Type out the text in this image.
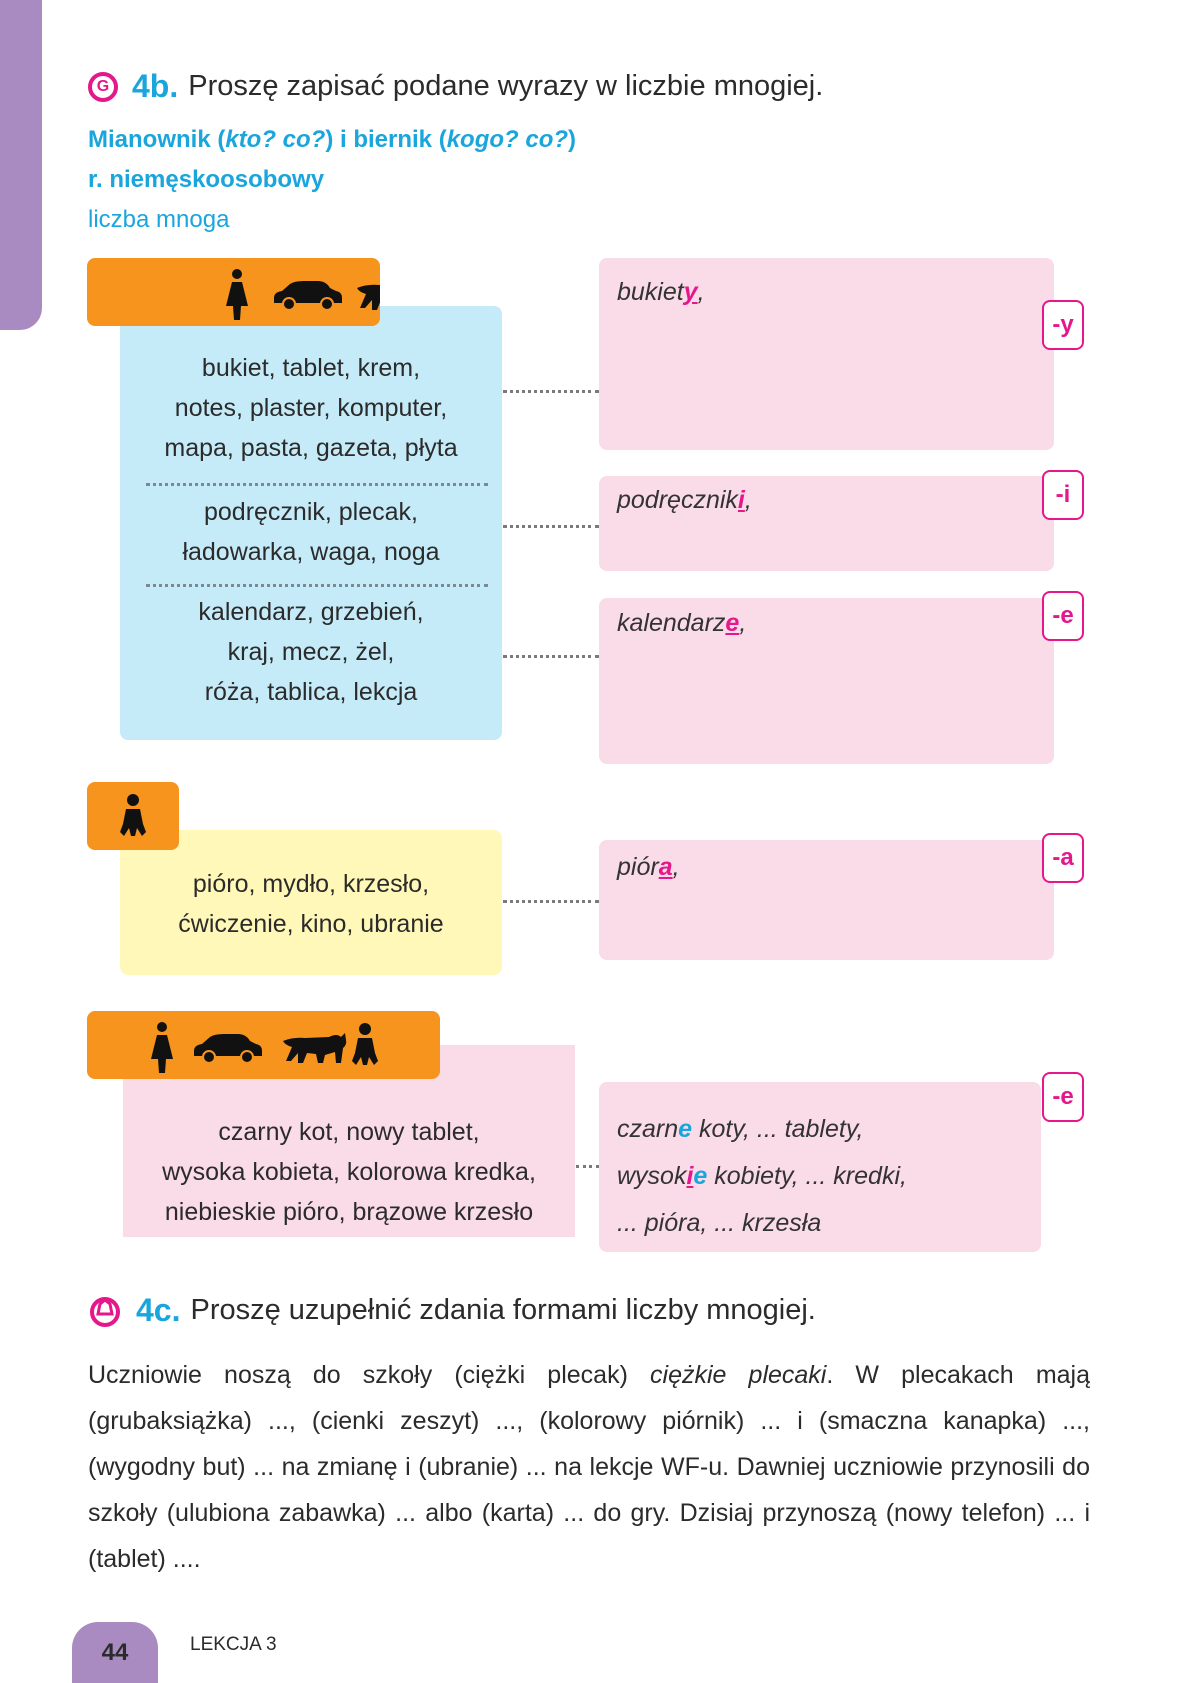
G 4b. Proszę zapisać podane wyrazy w liczbie mnogiej.
Mianownik (kto? co?) i biernik (kogo? co?)
r. niemęskoosobowy
liczba mnoga
bukiet, tablet, krem,
notes, plaster, komputer,
mapa, pasta, gazeta, płyta
podręcznik, plecak,
ładowarka, waga, noga
kalendarz, grzebień,
kraj, mecz, żel,
róża, tablica, lekcja
bukiety,
-y
podręczniki,	-i
kalendarze,	-e
pióro, mydło, krzesło,
ćwiczenie, kino, ubranie
pióra,	-a
czarny kot, nowy tablet,
wysoka kobieta, kolorowa kredka,
niebieskie pióro, brązowe krzesło
czarne koty, ... tablety,
wysokie kobiety, ... kredki,
... pióra, ... krzesła
-e
4c. Proszę uzupełnić zdania formami liczby mnogiej.
Uczniowie noszą do szkoły (ciężki plecak) ciężkie plecaki. W plecakach mają (grubaksiążka) ..., (cienki zeszyt) ..., (kolorowy piórnik) ... i (smaczna kanapka) ..., (wygodny but) ... na zmianę i (ubranie) ... na lekcje WF-u. Dawniej uczniowie przynosili do szkoły (ulubiona zabawka) ... albo (karta) ... do gry. Dzisiaj przynoszą (nowy telefon) ... i (tablet) ....
44	LEKCJA 3
